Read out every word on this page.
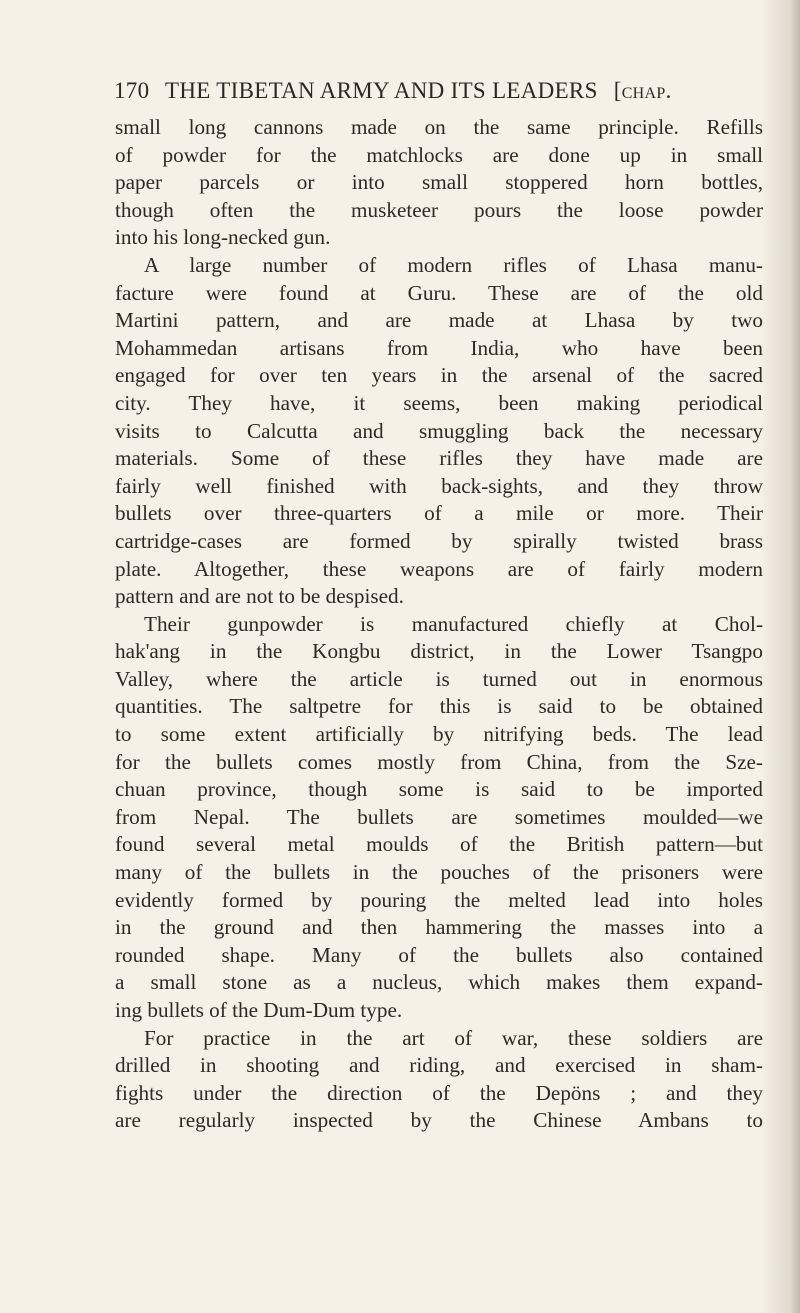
170 THE TIBETAN ARMY AND ITS LEADERS [chap.
small long cannons made on the same principle. Refills
of powder for the matchlocks are done up in small
paper parcels or into small stoppered horn bottles,
though often the musketeer pours the loose powder
into his long-necked gun.
A large number of modern rifles of Lhasa manu-
facture were found at Guru. These are of the old
Martini pattern, and are made at Lhasa by two
Mohammedan artisans from India, who have been
engaged for over ten years in the arsenal of the sacred
city. They have, it seems, been making periodical
visits to Calcutta and smuggling back the necessary
materials. Some of these rifles they have made are
fairly well finished with back-sights, and they throw
bullets over three-quarters of a mile or more. Their
cartridge-cases are formed by spirally twisted brass
plate. Altogether, these weapons are of fairly modern
pattern and are not to be despised.
Their gunpowder is manufactured chiefly at Chol-
hak'ang in the Kongbu district, in the Lower Tsangpo
Valley, where the article is turned out in enormous
quantities. The saltpetre for this is said to be obtained
to some extent artificially by nitrifying beds. The lead
for the bullets comes mostly from China, from the Sze-
chuan province, though some is said to be imported
from Nepal. The bullets are sometimes moulded—we
found several metal moulds of the British pattern—but
many of the bullets in the pouches of the prisoners were
evidently formed by pouring the melted lead into holes
in the ground and then hammering the masses into a
rounded shape. Many of the bullets also contained
a small stone as a nucleus, which makes them expand-
ing bullets of the Dum-Dum type.
For practice in the art of war, these soldiers are
drilled in shooting and riding, and exercised in sham-
fights under the direction of the Depöns ; and they
are regularly inspected by the Chinese Ambans to
